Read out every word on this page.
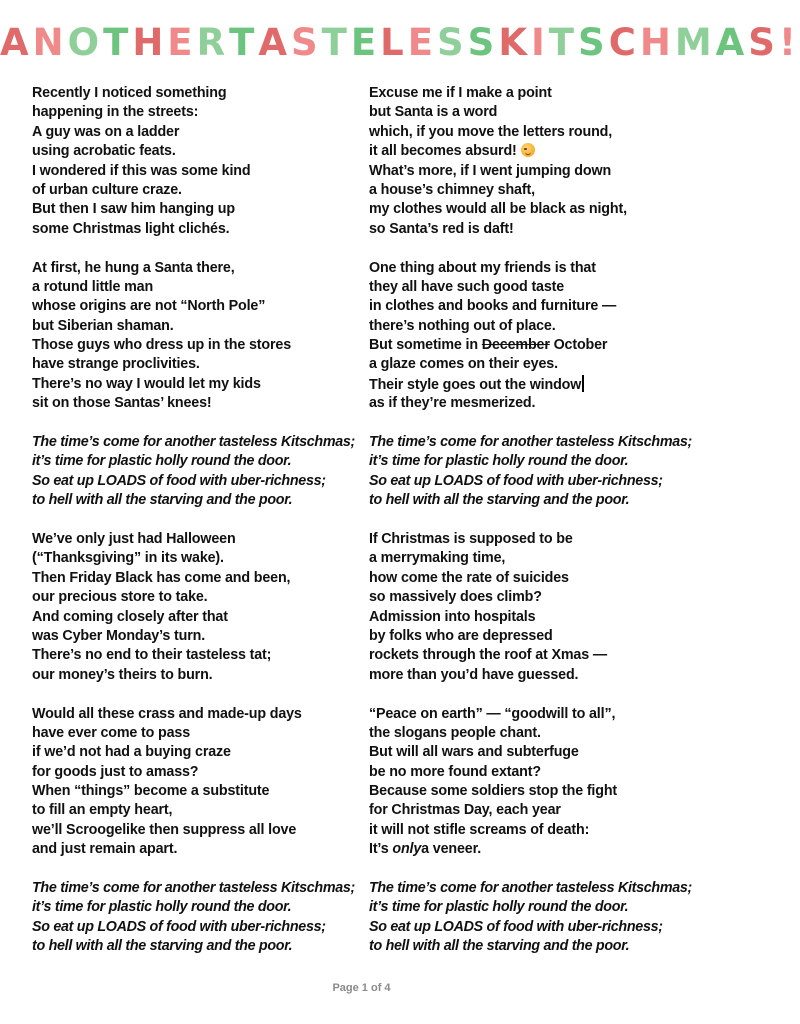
ANOTHERTASTELESSKITSCHMAS!
Recently I noticed something
happening in the streets:
A guy was on a ladder
using acrobatic feats.
I wondered if this was some kind
of urban culture craze.
But then I saw him hanging up
some Christmas light clichés.
At first, he hung a Santa there,
a rotund little man
whose origins are not “North Pole”
but Siberian shaman.
Those guys who dress up in the stores
have strange proclivities.
There’s no way I would let my kids
sit on those Santas’ knees!
The time’s come for another tasteless Kitschmas;
it’s time for plastic holly round the door.
So eat up LOADS of food with uber-richness;
to hell with all the starving and the poor.
We’ve only just had Halloween
(“Thanksgiving” in its wake).
Then Friday Black has come and been,
our precious store to take.
And coming closely after that
was Cyber Monday’s turn.
There’s no end to their tasteless tat;
our money’s theirs to burn.
Would all these crass and made-up days
have ever come to pass
if we’d not had a buying craze
for goods just to amass?
When “things” become a substitute
to fill an empty heart,
we’ll Scroogelike then suppress all love
and just remain apart.
The time’s come for another tasteless Kitschmas;
it’s time for plastic holly round the door.
So eat up LOADS of food with uber-richness;
to hell with all the starving and the poor.
Excuse me if I make a point
but Santa is a word
which, if you move the letters round,
it all becomes absurd!
What’s more, if I went jumping down
a house’s chimney shaft,
my clothes would all be black as night,
so Santa’s red is daft!
One thing about my friends is that
they all have such good taste
in clothes and books and furniture —
there’s nothing out of place.
But sometime in December October
a glaze comes on their eyes.
Their style goes out the window
as if they’re mesmerized.
The time’s come for another tasteless Kitschmas;
it’s time for plastic holly round the door.
So eat up LOADS of food with uber-richness;
to hell with all the starving and the poor.
If Christmas is supposed to be
a merrymaking time,
how come the rate of suicides
so massively does climb?
Admission into hospitals
by folks who are depressed
rockets through the roof at Xmas —
more than you’d have guessed.
“Peace on earth” — “goodwill to all”,
the slogans people chant.
But will all wars and subterfuge
be no more found extant?
Because some soldiers stop the fight
for Christmas Day, each year
it will not stifle screams of death:
It’s onlya veneer.
The time’s come for another tasteless Kitschmas;
it’s time for plastic holly round the door.
So eat up LOADS of food with uber-richness;
to hell with all the starving and the poor.
Page 1 of 4
